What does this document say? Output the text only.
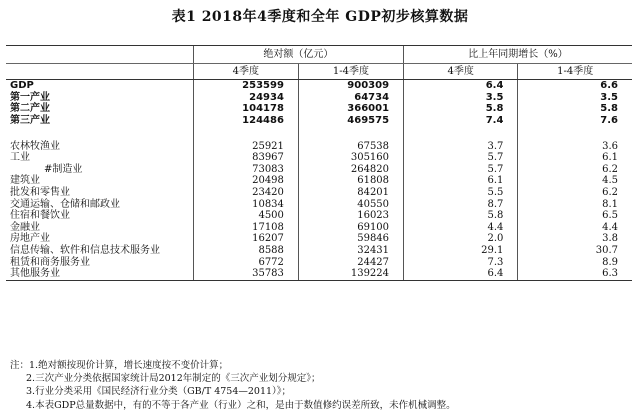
表1 2018年4季度和全年 GDP初步核算数据
	绝对额（亿元）		比上年同期增长（%）	
	4季度	1-4季度	4季度	1-4季度
GDP	253599	900309	6.4	6.6
第一产业	24934	64734	3.5	3.5
第二产业	104178	366001	5.8	5.8
第三产业	124486	469575	7.4	7.6

农林牧渔业	25921	67538	3.7	3.6
工业	83967	305160	5.7	6.1
#制造业	73083	264820	5.7	6.2
建筑业	20498	61808	6.1	4.5
批发和零售业	23420	84201	5.5	6.2
交通运输、仓储和邮政业	10834	40550	8.7	8.1
住宿和餐饮业	4500	16023	5.8	6.5
金融业	17108	69100	4.4	4.4
房地产业	16207	59846	2.0	3.8
信息传输、软件和信息技术服务业	8588	32431	29.1	30.7
租赁和商务服务业	6772	24427	7.3	8.9
其他服务业	35783	139224	6.4	6.3
注：1.绝对额按现价计算，增长速度按不变价计算；
2.三次产业分类依据国家统计局2012年制定的《三次产业划分规定》；
3.行业分类采用《国民经济行业分类（GB/T 4754—2011）》；
4.本表GDP总量数据中，有的不等于各产业（行业）之和，是由于数值修约误差所致，未作机械调整。
